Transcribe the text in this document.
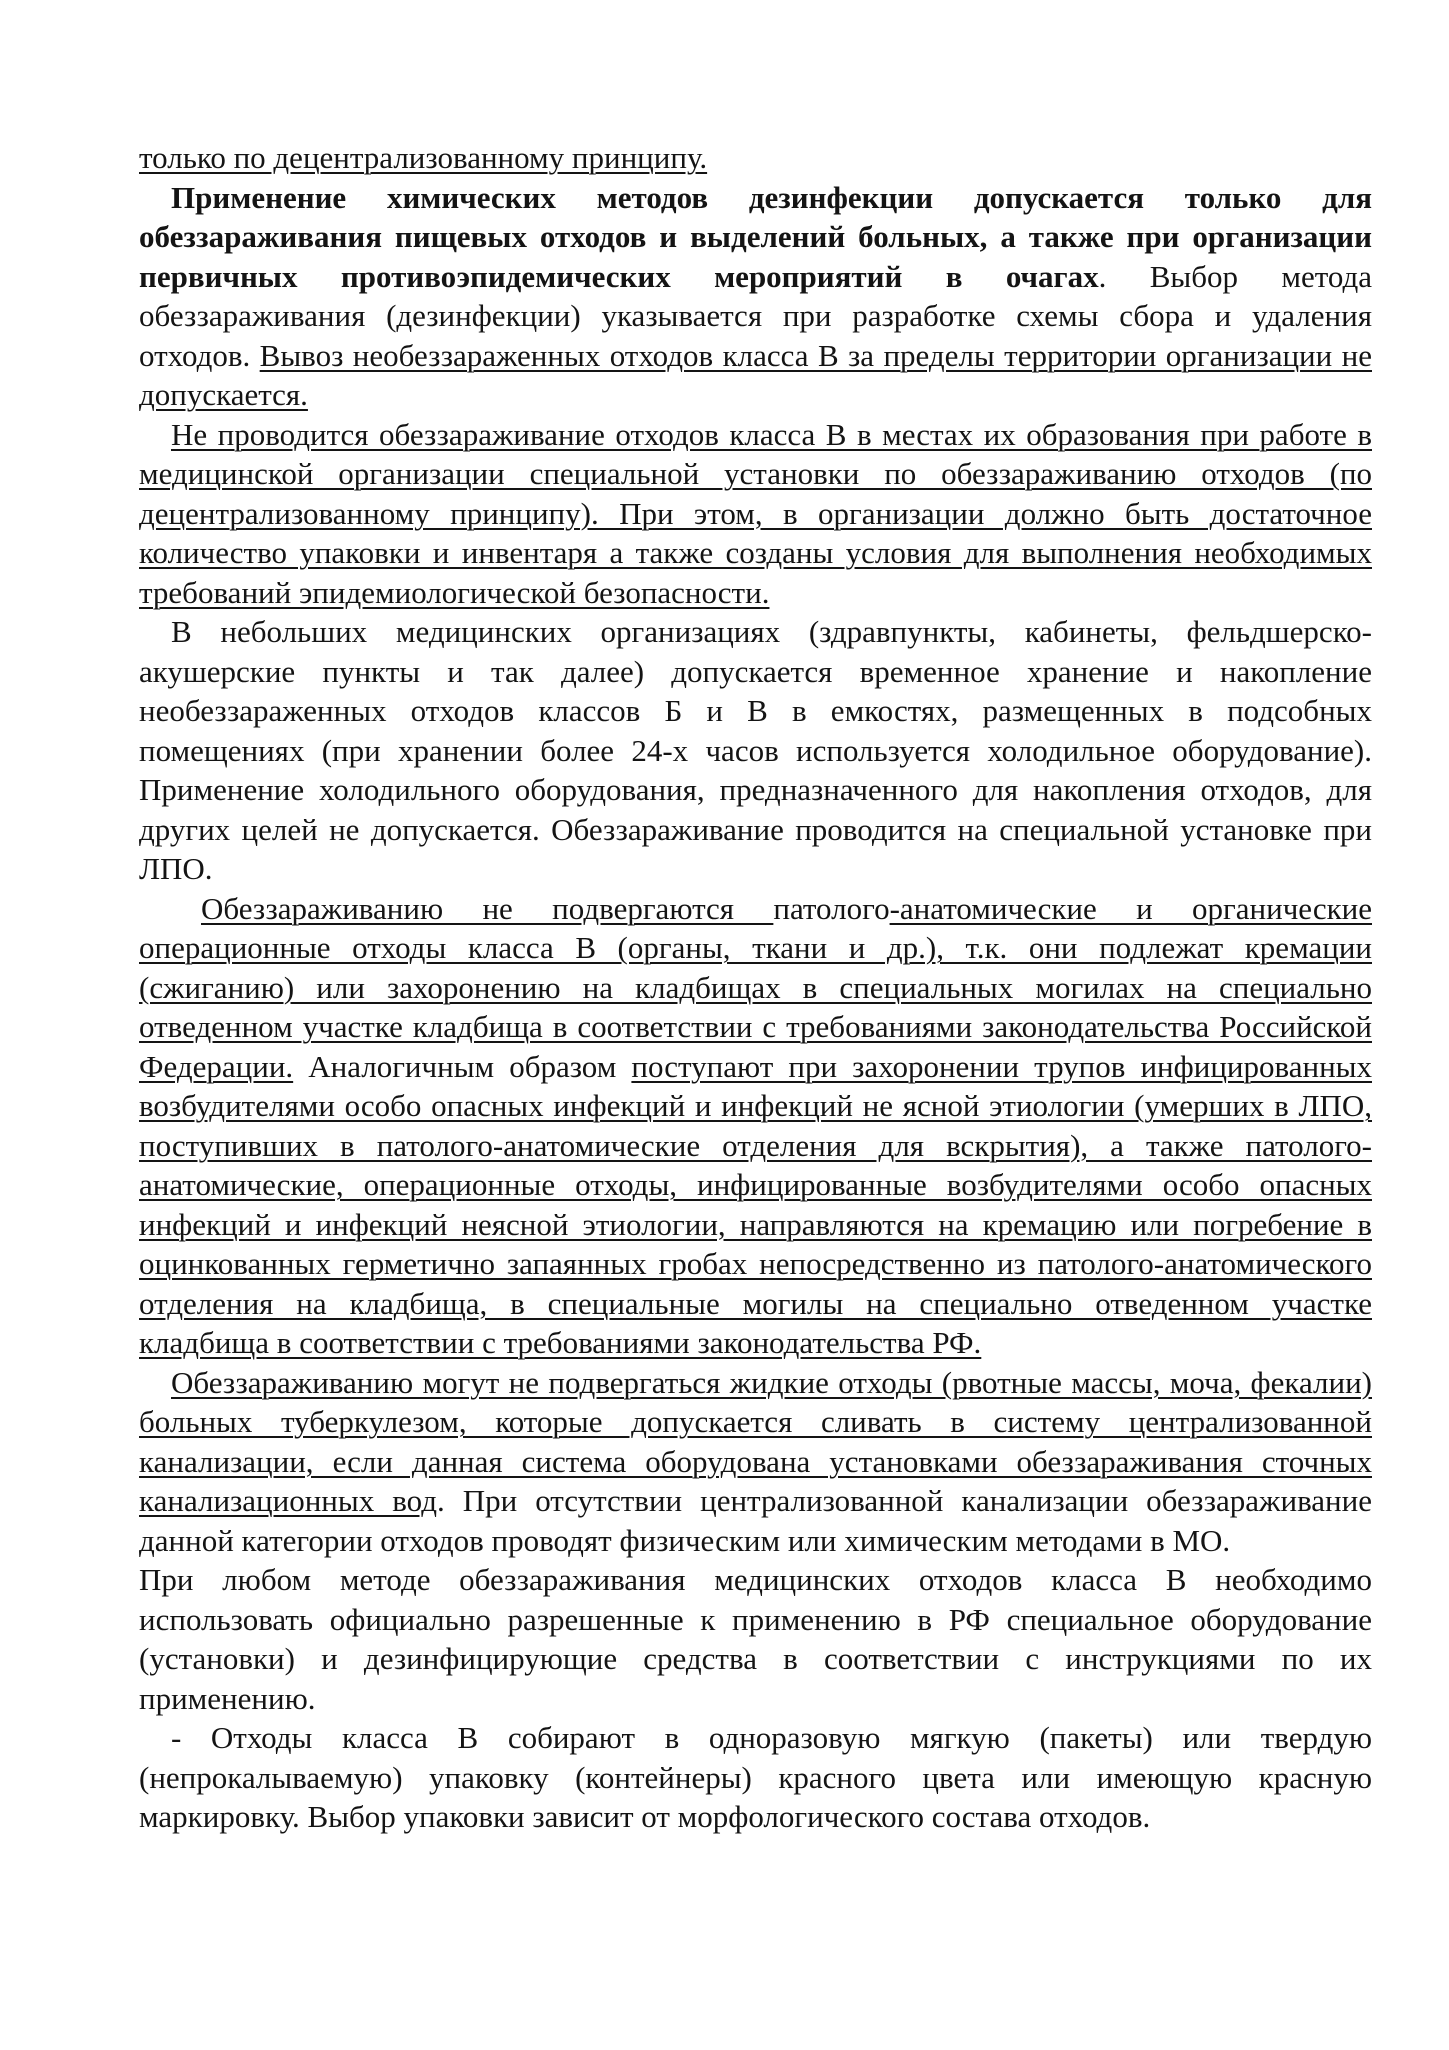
только по децентрализованному принципу.

Применение химических методов дезинфекции допускается только для обеззараживания пищевых отходов и выделений больных, а также при организации первичных противоэпидемических мероприятий в очагах. Выбор метода обеззараживания (дезинфекции) указывается при разработке схемы сбора и удаления отходов. Вывоз необеззараженных отходов класса В за пределы территории организации не допускается.

Не проводится обеззараживание отходов класса В в местах их образования при работе в медицинской организации специальной установки по обеззараживанию отходов (по децентрализованному принципу). При этом, в организации должно быть достаточное количество упаковки и инвентаря а также созданы условия для выполнения необходимых требований эпидемиологической безопасности.

В небольших медицинских организациях (здравпункты, кабинеты, фельдшерско-акушерские пункты и так далее) допускается временное хранение и накопление необеззараженных отходов классов Б и В в емкостях, размещенных в подсобных помещениях (при хранении более 24-х часов используется холодильное оборудование). Применение холодильного оборудования, предназначенного для накопления отходов, для других целей не допускается. Обеззараживание проводится на специальной установке при ЛПО.

Обеззараживанию не подвергаются патолого-анатомические и органические операционные отходы класса В (органы, ткани и др.), т.к. они подлежат кремации (сжиганию) или захоронению на кладбищах в специальных могилах на специально отведенном участке кладбища в соответствии с требованиями законодательства Российской Федерации. Аналогичным образом поступают при захоронении трупов инфицированных возбудителями особо опасных инфекций и инфекций не ясной этиологии (умерших в ЛПО, поступивших в патолого-анатомические отделения для вскрытия), а также патолого-анатомические, операционные отходы, инфицированные возбудителями особо опасных инфекций и инфекций неясной этиологии, направляются на кремацию или погребение в оцинкованных герметично запаянных гробах непосредственно из патолого-анатомического отделения на кладбища, в специальные могилы на специально отведенном участке кладбища в соответствии с требованиями законодательства РФ.

Обеззараживанию могут не подвергаться жидкие отходы (рвотные массы, моча, фекалии) больных туберкулезом, которые допускается сливать в систему централизованной канализации, если данная система оборудована установками обеззараживания сточных канализационных вод. При отсутствии централизованной канализации обеззараживание данной категории отходов проводят физическим или химическим методами в МО.

При любом методе обеззараживания медицинских отходов класса В необходимо использовать официально разрешенные к применению в РФ специальное оборудование (установки) и дезинфицирующие средства в соответствии с инструкциями по их применению.

- Отходы класса В собирают в одноразовую мягкую (пакеты) или твердую (непрокалываемую) упаковку (контейнеры) красного цвета или имеющую красную маркировку. Выбор упаковки зависит от морфологического состава отходов.
